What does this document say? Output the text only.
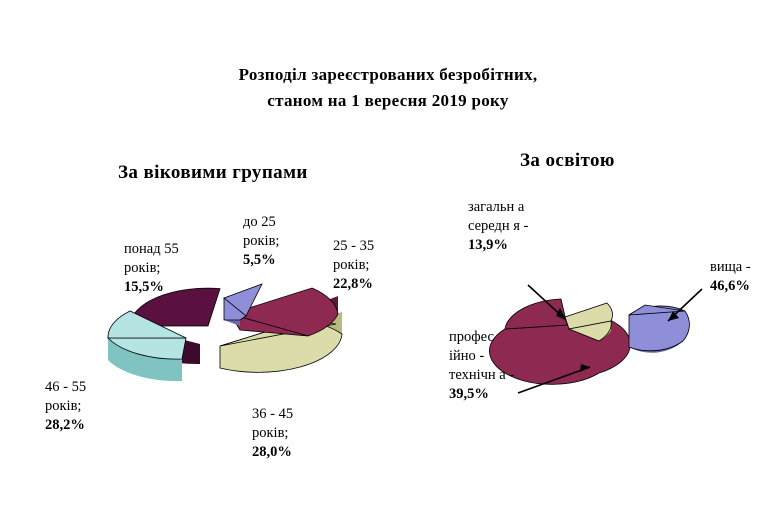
Розподіл зареєстрованих безробітних,
станом на 1 вересня 2019 року
За віковими групами
За освітою
до 25 років;
5,5%
25 - 35 років;
22,8%
36 - 45 років;
28,0%
46 - 55 років;
28,2%
понад 55 років;
15,5%
загальн а середн я -
13,9%
вища -
46,6%
профес ійно - технічн а -
39,5%
